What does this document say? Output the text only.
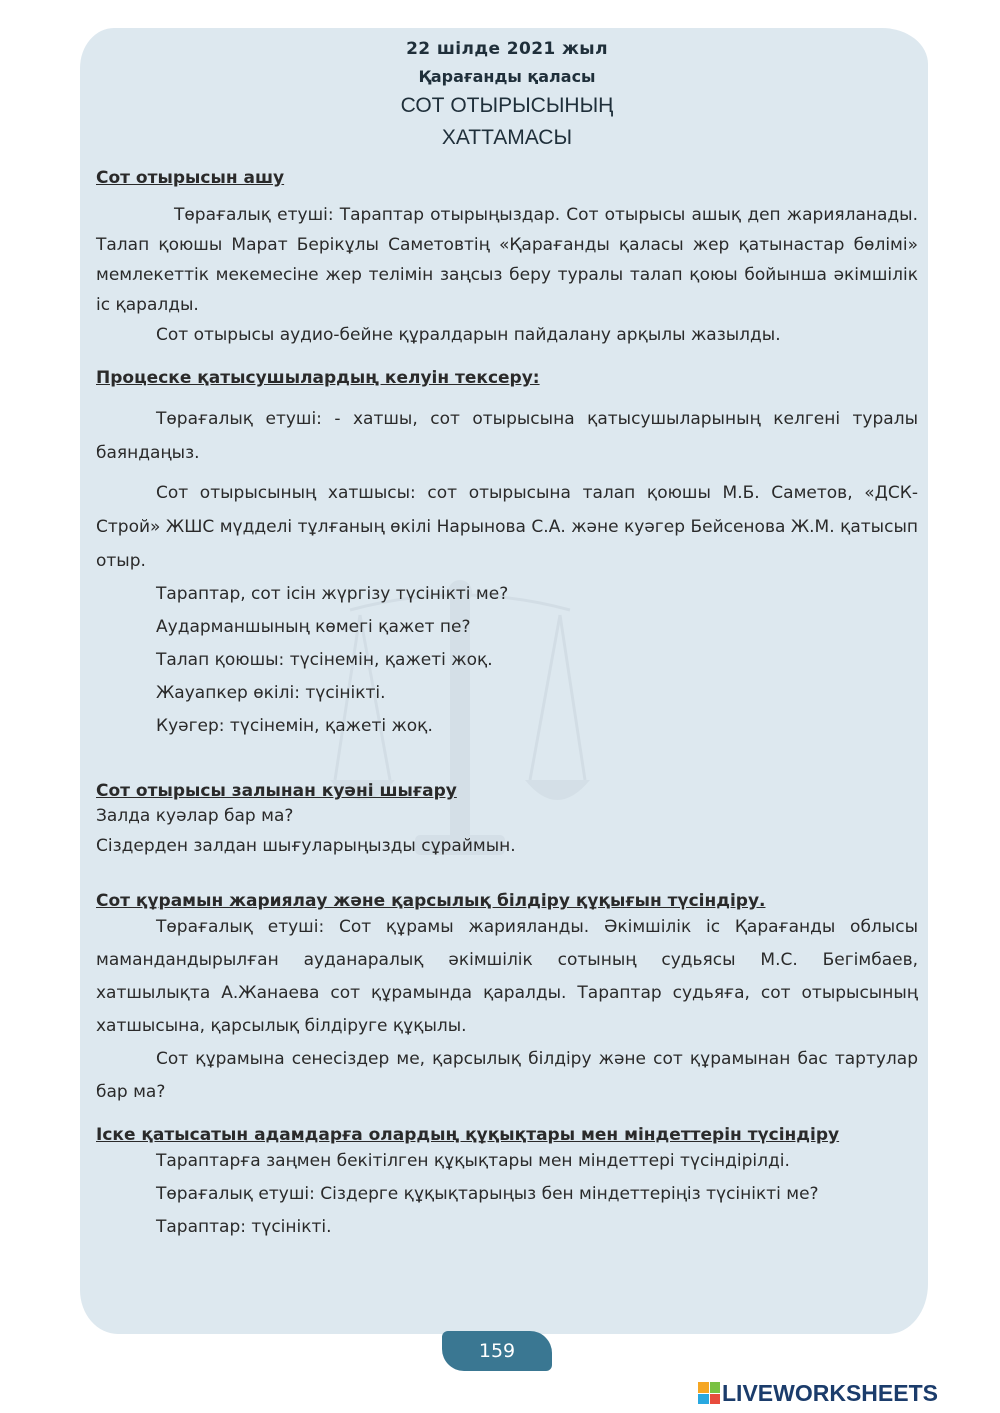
22 шілде 2021 жыл
Қарағанды қаласы
СОТ ОТЫРЫСЫНЫҢ
ХАТТАМАСЫ
Сот отырысын ашу

Төрағалық етуші: Тараптар отырыңыздар. Сот отырысы ашық деп жарияланады. Талап қоюшы Марат Берікұлы Саметовтің «Қарағанды қаласы жер қатынастар бөлімі» мемлекеттік мекемесіне жер телімін заңсыз беру туралы талап қоюы бойынша әкімшілік іс қаралды.

Сот отырысы аудио-бейне құралдарын пайдалану арқылы жазылды.

Процеске қатысушылардың келуін тексеру:

Төрағалық етуші: - хатшы, сот отырысына қатысушыларының келгені туралы баяндаңыз.

Сот отырысының хатшысы: сот отырысына талап қоюшы М.Б. Саметов, «ДСК-Строй» ЖШС мүдделі тұлғаның өкілі Нарынова С.А. және куәгер Бейсенова Ж.М. қатысып отыр.

Тараптар, сот ісін жүргізу түсінікті ме?
Аударманшының көмегі қажет пе?
Талап қоюшы: түсінемін, қажеті жоқ.
Жауапкер өкілі: түсінікті.
Куәгер: түсінемін, қажеті жоқ.
Сот отырысы залынан куәні шығару
Залда куәлар бар ма?
Сіздерден залдан шығуларыңызды сұраймын.
Сот құрамын жариялау және қарсылық білдіру құқығын түсіндіру.

Төрағалық етуші: Сот құрамы жарияланды. Әкімшілік іс Қарағанды облысы мамандандырылған ауданаралық әкімшілік сотының судьясы М.С. Бегімбаев, хатшылықта А.Жанаева сот құрамында қаралды. Тараптар судьяға, сот отырысының хатшысына, қарсылық білдіруге құқылы.

Сот құрамына сенесіздер ме, қарсылық білдіру және сот құрамынан бас тартулар бар ма?

Іске қатысатын адамдарға олардың құқықтары мен міндеттерін түсіндіру
Тараптарға заңмен бекітілген құқықтары мен міндеттері түсіндірілді.
Төрағалық етуші: Сіздерге құқықтарыңыз бен міндеттеріңіз түсінікті ме?
Тараптар: түсінікті.
159
LIVEWORKSHEETS
